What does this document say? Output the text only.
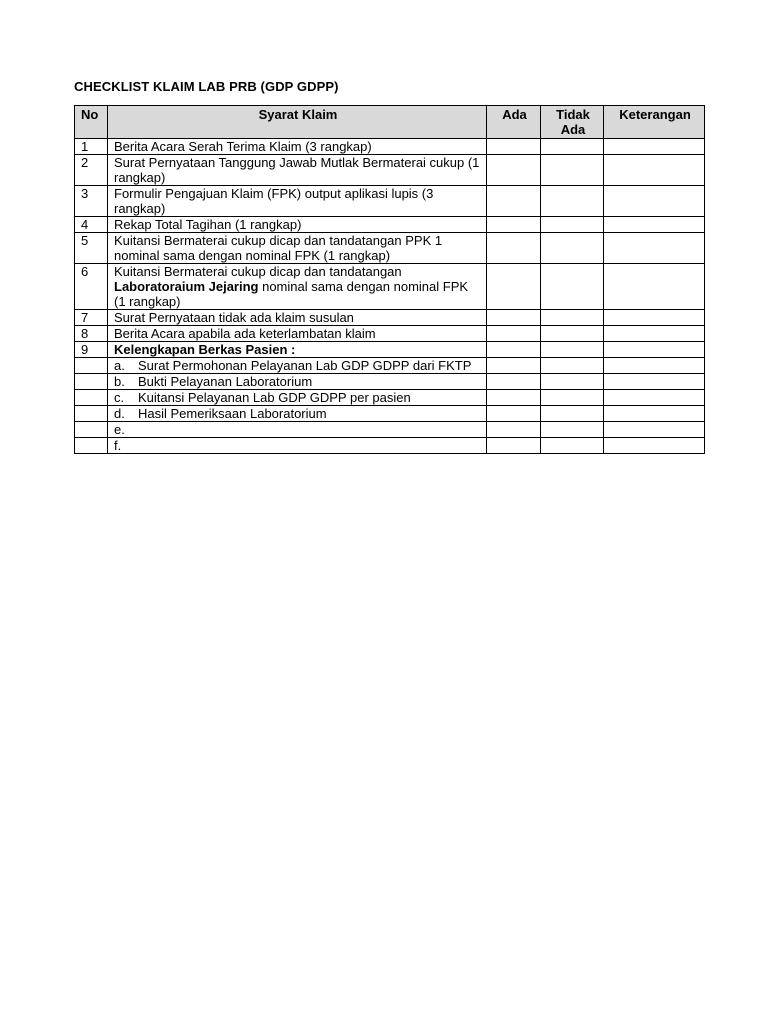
CHECKLIST KLAIM LAB PRB (GDP GDPP)
No	Syarat Klaim	Ada	Tidak Ada	Keterangan
1	Berita Acara Serah Terima Klaim (3 rangkap)			
2	Surat Pernyataan Tanggung Jawab Mutlak Bermaterai cukup (1 rangkap)			
3	Formulir Pengajuan Klaim (FPK) output aplikasi lupis (3 rangkap)			
4	Rekap Total Tagihan (1 rangkap)			
5	Kuitansi Bermaterai cukup dicap dan tandatangan PPK 1 nominal sama dengan nominal FPK (1 rangkap)			
6	Kuitansi Bermaterai cukup dicap dan tandatangan Laboratoraium Jejaring nominal sama dengan nominal FPK (1 rangkap)			
7	Surat Pernyataan tidak ada klaim susulan			
8	Berita Acara apabila ada keterlambatan klaim			
9	Kelengkapan Berkas Pasien :			

	a. Surat Permohonan Pelayanan Lab GDP GDPP dari FKTP			

	b. Bukti Pelayanan Laboratorium			

	c. Kuitansi Pelayanan Lab GDP GDPP per pasien			

	d. Hasil Pemeriksaan Laboratorium			

	e.			

	f.			
